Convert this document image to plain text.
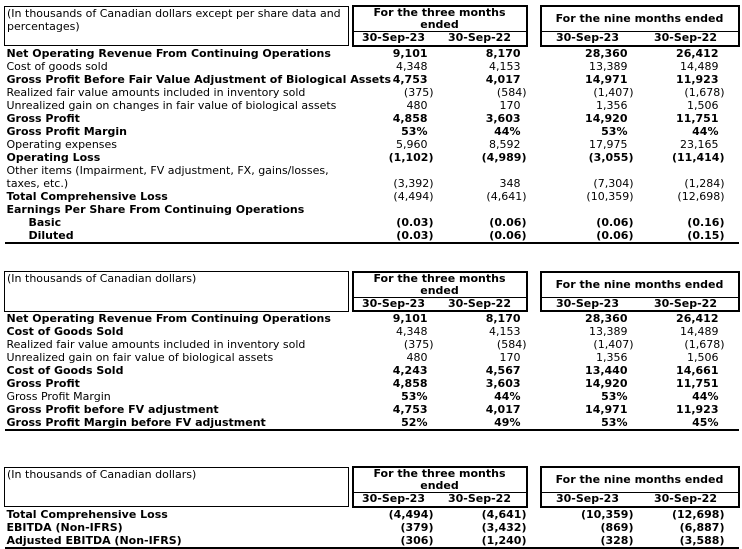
(In thousands of Canadian dollars except per share data and percentages)		For the three months ended			For the nine months ended	
		30-Sep-23	30-Sep-22		30-Sep-23	30-Sep-22
Net Operating Revenue From Continuing Operations		9,101	8,170		28,360	26,412
Cost of goods sold		4,348	4,153		13,389	14,489
Gross Profit Before Fair Value Adjustment of Biological Assets		4,753	4,017		14,971	11,923
Realized fair value amounts included in inventory sold		(375)	(584)		(1,407)	(1,678)
Unrealized gain on changes in fair value of biological assets		480	170		1,356	1,506
Gross Profit		4,858	3,603		14,920	11,751
Gross Profit Margin		53%	44%		53%	44%
Operating expenses		5,960	8,592		17,975	23,165
Operating Loss		(1,102)	(4,989)		(3,055)	(11,414)
Other items (Impairment, FV adjustment, FX, gains/losses, taxes, etc.)		(3,392)	348		(7,304)	(1,284)
Total Comprehensive Loss		(4,494)	(4,641)		(10,359)	(12,698)
Earnings Per Share From Continuing Operations						
Basic		(0.03)	(0.06)		(0.06)	(0.16)
Diluted		(0.03)	(0.06)		(0.06)	(0.15)
(In thousands of Canadian dollars)		For the three months ended			For the nine months ended	
		30-Sep-23	30-Sep-22		30-Sep-23	30-Sep-22
Net Operating Revenue From Continuing Operations		9,101	8,170		28,360	26,412
Cost of Goods Sold		4,348	4,153		13,389	14,489
Realized fair value amounts included in inventory sold		(375)	(584)		(1,407)	(1,678)
Unrealized gain on fair value of biological assets		480	170		1,356	1,506
Cost of Goods Sold		4,243	4,567		13,440	14,661
Gross Profit		4,858	3,603		14,920	11,751
Gross Profit Margin		53%	44%		53%	44%
Gross Profit before FV adjustment		4,753	4,017		14,971	11,923
Gross Profit Margin before FV adjustment		52%	49%		53%	45%
(In thousands of Canadian dollars)		For the three months ended			For the nine months ended	
		30-Sep-23	30-Sep-22		30-Sep-23	30-Sep-22
Total Comprehensive Loss		(4,494)	(4,641)		(10,359)	(12,698)
EBITDA (Non-IFRS)		(379)	(3,432)		(869)	(6,887)
Adjusted EBITDA (Non-IFRS)		(306)	(1,240)		(328)	(3,588)
